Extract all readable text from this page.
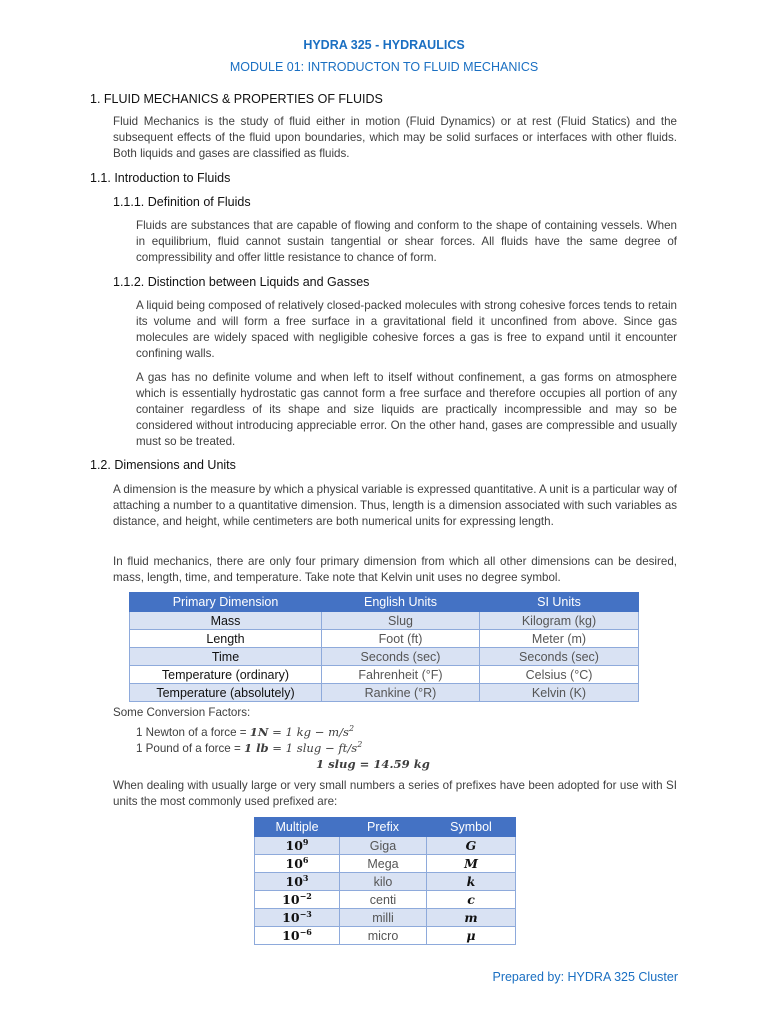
HYDRA 325 - HYDRAULICS
MODULE 01: INTRODUCTON TO FLUID MECHANICS
1. FLUID MECHANICS & PROPERTIES OF FLUIDS

Fluid Mechanics is the study of fluid either in motion (Fluid Dynamics) or at rest (Fluid Statics) and the subsequent effects of the fluid upon boundaries, which may be solid surfaces or interfaces with other fluids. Both liquids and gases are classified as fluids.

1.1. Introduction to Fluids
1.1.1. Definition of Fluids

Fluids are substances that are capable of flowing and conform to the shape of containing vessels. When in equilibrium, fluid cannot sustain tangential or shear forces. All fluids have the same degree of compressibility and offer little resistance to chance of form.

1.1.2. Distinction between Liquids and Gasses

A liquid being composed of relatively closed-packed molecules with strong cohesive forces tends to retain its volume and will form a free surface in a gravitational field it unconfined from above. Since gas molecules are widely spaced with negligible cohesive forces a gas is free to expand until it encounter confining walls.

A gas has no definite volume and when left to itself without confinement, a gas forms on atmosphere which is essentially hydrostatic gas cannot form a free surface and therefore occupies all portion of any container regardless of its shape and size liquids are practically incompressible and may so be considered without introducing appreciable error. On the other hand, gases are compressible and usually must so be treated.

1.2. Dimensions and Units

A dimension is the measure by which a physical variable is expressed quantitative. A unit is a particular way of attaching a number to a quantitative dimension. Thus, length is a dimension associated with such variables as distance, and height, while centimeters are both numerical units for expressing length.

In fluid mechanics, there are only four primary dimension from which all other dimensions can be desired, mass, length, time, and temperature. Take note that Kelvin unit uses no degree symbol.

Primary Dimension	English Units	SI Units
Mass	Slug	Kilogram (kg)
Length	Foot (ft)	Meter (m)
Time	Seconds (sec)	Seconds (sec)
Temperature (ordinary)	Fahrenheit (°F)	Celsius (°C)
Temperature (absolutely)	Rankine (°R)	Kelvin (K)
Some Conversion Factors:
1 Newton of a force = 1N = 1 kg − $m/s^2$
1 Pound of a force = 1 lb = 1 slug − $ft/s^2$
1 slug = 14.59 kg

When dealing with usually large or very small numbers a series of prefixes have been adopted for use with SI units the most commonly used prefixed are:

Multiple	Prefix	Symbol
$10^9$	Giga	G
$10^6$	Mega	M
$10^3$	kilo	k
$10^{-2}$	centi	c
$10^{-3}$	milli	m
$10^{-6}$	micro	μ
Prepared by: HYDRA 325 Cluster
